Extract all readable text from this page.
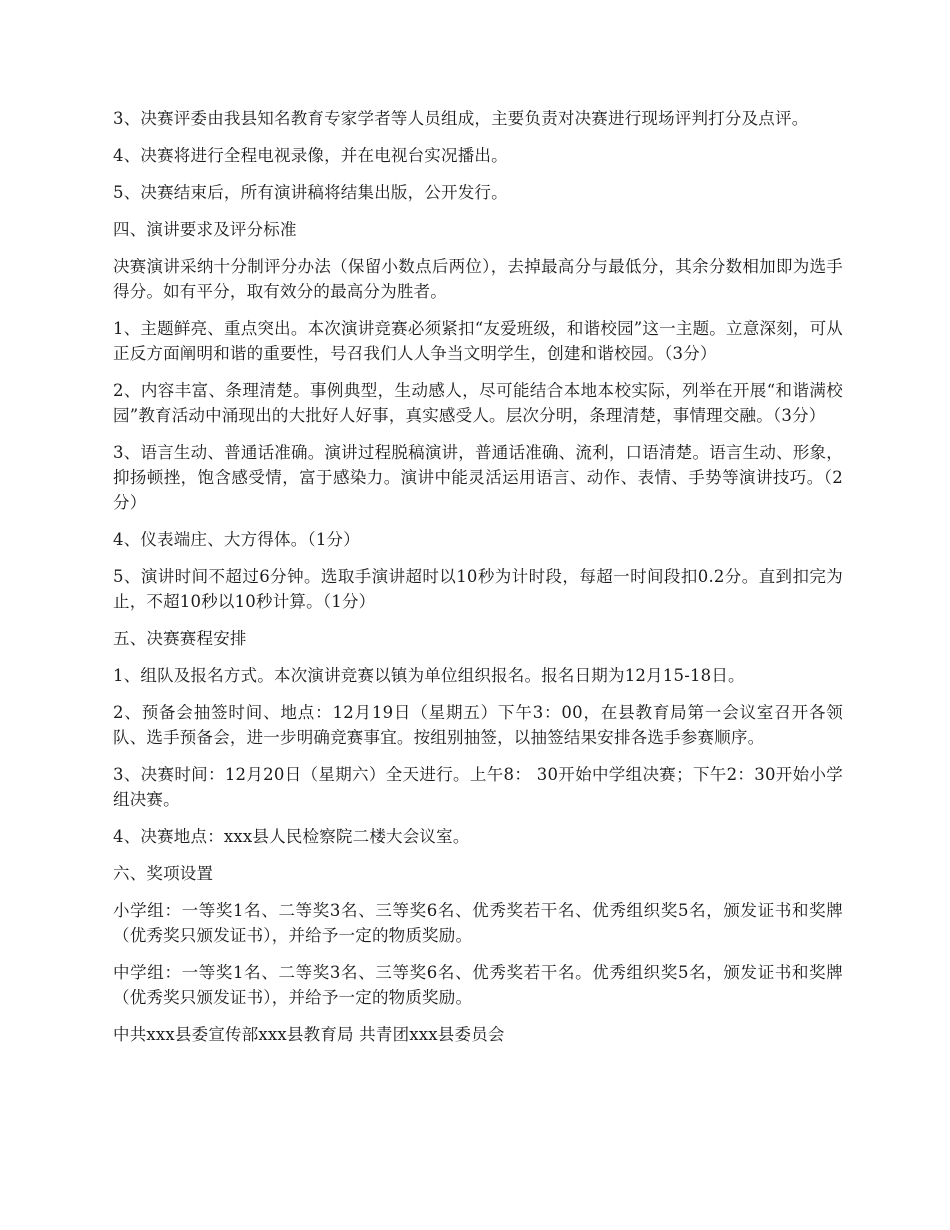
3、决赛评委由我县知名教育专家学者等人员组成，主要负责对决赛进行现场评判打分及点评。

4、决赛将进行全程电视录像，并在电视台实况播出。

5、决赛结束后，所有演讲稿将结集出版，公开发行。

四、演讲要求及评分标准

决赛演讲采纳十分制评分办法（保留小数点后两位），去掉最高分与最低分，其余分数相加即为选手得分。如有平分，取有效分的最高分为胜者。

1、主题鲜亮、重点突出。本次演讲竞赛必须紧扣“友爱班级，和谐校园”这一主题。立意深刻，可从正反方面阐明和谐的重要性，号召我们人人争当文明学生，创建和谐校园。（3分）

2、内容丰富、条理清楚。事例典型，生动感人，尽可能结合本地本校实际，列举在开展“和谐满校园”教育活动中涌现出的大批好人好事，真实感受人。层次分明，条理清楚，事情理交融。（3分）

3、语言生动、普通话准确。演讲过程脱稿演讲，普通话准确、流利，口语清楚。语言生动、形象，抑扬顿挫，饱含感受情，富于感染力。演讲中能灵活运用语言、动作、表情、手势等演讲技巧。（2分）

4、仪表端庄、大方得体。（1分）

5、演讲时间不超过6分钟。选取手演讲超时以10秒为计时段，每超一时间段扣0.2分。直到扣完为止，不超10秒以10秒计算。（1分）

五、决赛赛程安排

1、组队及报名方式。本次演讲竞赛以镇为单位组织报名。报名日期为12月15-18日。

2、预备会抽签时间、地点：12月19日（星期五）下午3：00，在县教育局第一会议室召开各领队、选手预备会，进一步明确竞赛事宜。按组别抽签，以抽签结果安排各选手参赛顺序。

3、决赛时间：12月20日（星期六）全天进行。上午8： 30开始中学组决赛；下午2：30开始小学组决赛。

4、决赛地点：xxx县人民检察院二楼大会议室。

六、奖项设置

小学组：一等奖1名、二等奖3名、三等奖6名、优秀奖若干名、优秀组织奖5名，颁发证书和奖牌（优秀奖只颁发证书），并给予一定的物质奖励。

中学组：一等奖1名、二等奖3名、三等奖6名、优秀奖若干名。优秀组织奖5名，颁发证书和奖牌（优秀奖只颁发证书），并给予一定的物质奖励。

中共xxx县委宣传部xxx县教育局 共青团xxx县委员会
